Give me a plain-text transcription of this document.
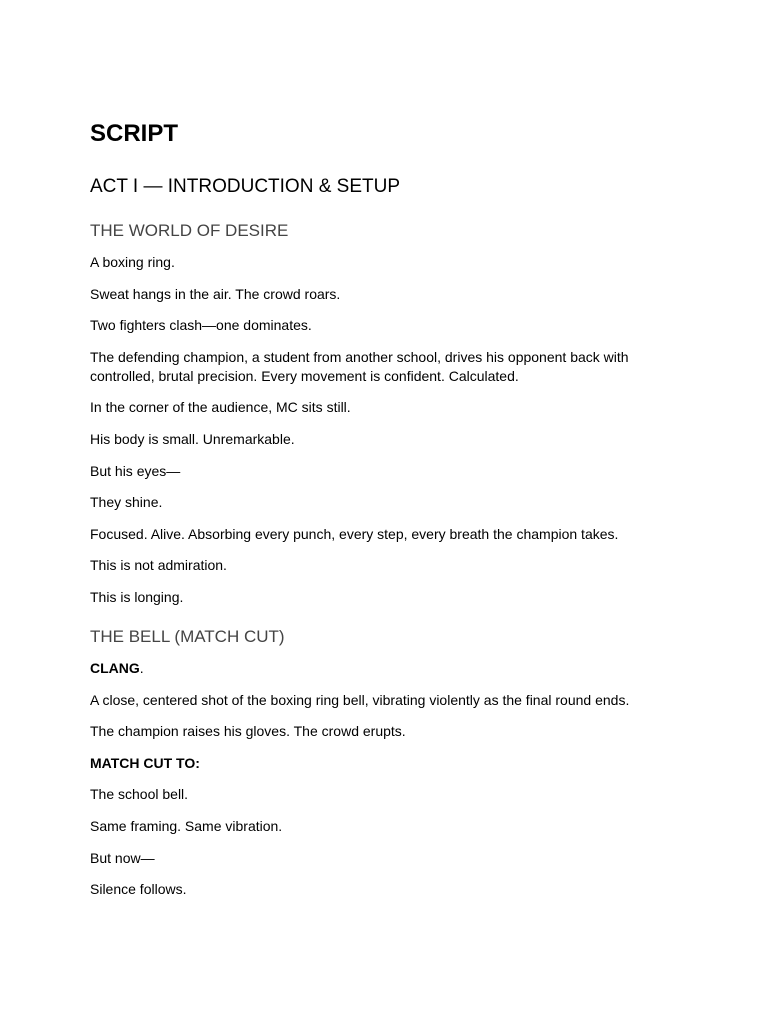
SCRIPT
ACT I — INTRODUCTION & SETUP
THE WORLD OF DESIRE

A boxing ring.

Sweat hangs in the air. The crowd roars.

Two fighters clash—one dominates.

The defending champion, a student from another school, drives his opponent back with controlled, brutal precision. Every movement is confident. Calculated.

In the corner of the audience, MC sits still.

His body is small. Unremarkable.

But his eyes—

They shine.

Focused. Alive. Absorbing every punch, every step, every breath the champion takes.

This is not admiration.

This is longing.

THE BELL (MATCH CUT)

CLANG.

A close, centered shot of the boxing ring bell, vibrating violently as the final round ends.

The champion raises his gloves. The crowd erupts.

MATCH CUT TO:

The school bell.

Same framing. Same vibration.

But now—

Silence follows.
